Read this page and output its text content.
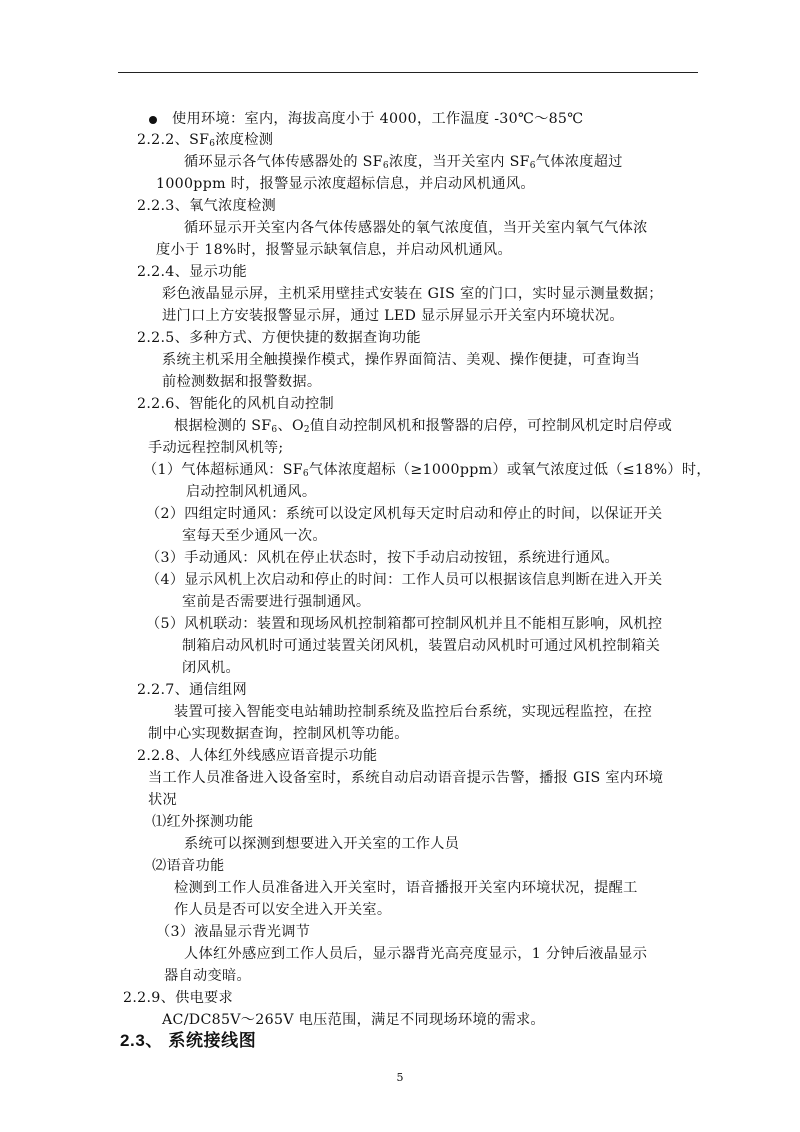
使用环境：室内，海拔高度小于 4000，工作温度 -30℃～85℃
2.2.2、$SF_6$浓度检测
循环显示各气体传感器处的 $SF_6$浓度，当开关室内 $SF_6$气体浓度超过
1000ppm 时，报警显示浓度超标信息，并启动风机通风。
2.2.3、氧气浓度检测
循环显示开关室内各气体传感器处的氧气浓度值，当开关室内氧气气体浓
度小于 18%时，报警显示缺氧信息，并启动风机通风。
2.2.4、显示功能
彩色液晶显示屏，主机采用壁挂式安装在 GIS 室的门口，实时显示测量数据；
进门口上方安装报警显示屏，通过 LED 显示屏显示开关室内环境状况。
2.2.5、多种方式、方便快捷的数据查询功能
系统主机采用全触摸操作模式，操作界面简洁、美观、操作便捷，可查询当
前检测数据和报警数据。
2.2.6、智能化的风机自动控制
根据检测的 $SF_6$、$O_2$值自动控制风机和报警器的启停，可控制风机定时启停或
手动远程控制风机等;
（1）气体超标通风：$SF_6$气体浓度超标（≥1000ppm）或氧气浓度过低（≤18%）时，
启动控制风机通风。
（2）四组定时通风：系统可以设定风机每天定时启动和停止的时间，以保证开关
室每天至少通风一次。
（3）手动通风：风机在停止状态时，按下手动启动按钮，系统进行通风。
（4）显示风机上次启动和停止的时间：工作人员可以根据该信息判断在进入开关
室前是否需要进行强制通风。
（5）风机联动：装置和现场风机控制箱都可控制风机并且不能相互影响，风机控
制箱启动风机时可通过装置关闭风机，装置启动风机时可通过风机控制箱关
闭风机。
2.2.7、通信组网
装置可接入智能变电站辅助控制系统及监控后台系统，实现远程监控，在控
制中心实现数据查询，控制风机等功能。
2.2.8、人体红外线感应语音提示功能
当工作人员准备进入设备室时，系统自动启动语音提示告警，播报 GIS 室内环境
状况
⑴红外探测功能
系统可以探测到想要进入开关室的工作人员
⑵语音功能
检测到工作人员准备进入开关室时，语音播报开关室内环境状况，提醒工
作人员是否可以安全进入开关室。
（3）液晶显示背光调节
人体红外感应到工作人员后，显示器背光高亮度显示，1 分钟后液晶显示
器自动变暗。
2.2.9、供电要求
AC/DC85V～265V 电压范围，满足不同现场环境的需求。
2.3、 系统接线图
5
